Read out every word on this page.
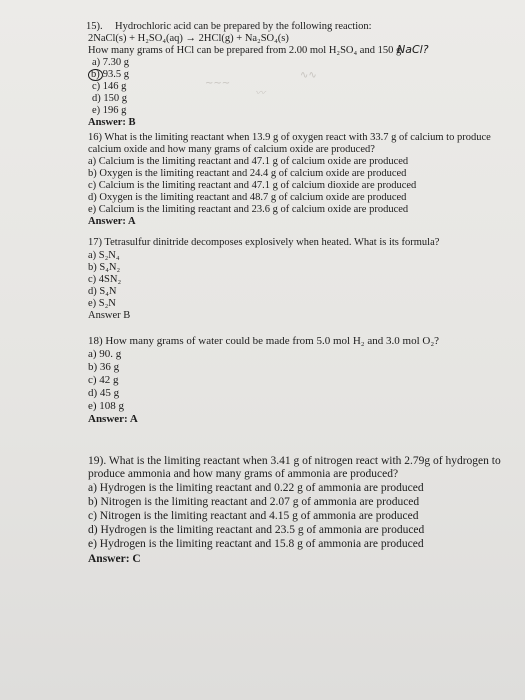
15). Hydrochloric acid can be prepared by the following reaction:
2NaCl(s) + H₂SO₄(aq) → 2HCl(g) + Na₂SO₄(s)
How many grams of HCl can be prepared from 2.00 mol H₂SO₄ and 150 g
NaCl?
a) 7.30 g
b) 93.5 g
c) 146 g
d) 150 g
e) 196 g
Answer: B
~~~
〰
∿∿
16) What is the limiting reactant when 13.9 g of oxygen react with 33.7 g of calcium to produce
calcium oxide and how many grams of calcium oxide are produced?
a) Calcium is the limiting reactant and 47.1 g of calcium oxide are produced
b) Oxygen is the limiting reactant and 24.4 g of calcium oxide are produced
c) Calcium is the limiting reactant and 47.1 g of calcium dioxide are produced
d) Oxygen is the limiting reactant and 48.7 g of calcium oxide are produced
e) Calcium is the limiting reactant and 23.6 g of calcium oxide are produced
Answer: A
17) Tetrasulfur dinitride decomposes explosively when heated. What is its formula?
a) S₂N₄
b) S₄N₂
c) 4SN₂
d) S₄N
e) S₂N
Answer B
18) How many grams of water could be made from 5.0 mol H₂ and 3.0 mol O₂?
a) 90. g
b) 36 g
c) 42 g
d) 45 g
e) 108 g
Answer: A
19). What is the limiting reactant when 3.41 g of nitrogen react with 2.79g of hydrogen to
produce ammonia and how many grams of ammonia are produced?
a) Hydrogen is the limiting reactant and 0.22 g of ammonia are produced
b) Nitrogen is the limiting reactant and 2.07 g of ammonia are produced
c) Nitrogen is the limiting reactant and 4.15 g of ammonia are produced
d) Hydrogen is the limiting reactant and 23.5 g of ammonia are produced
e) Hydrogen is the limiting reactant and 15.8 g of ammonia are produced
Answer: C
